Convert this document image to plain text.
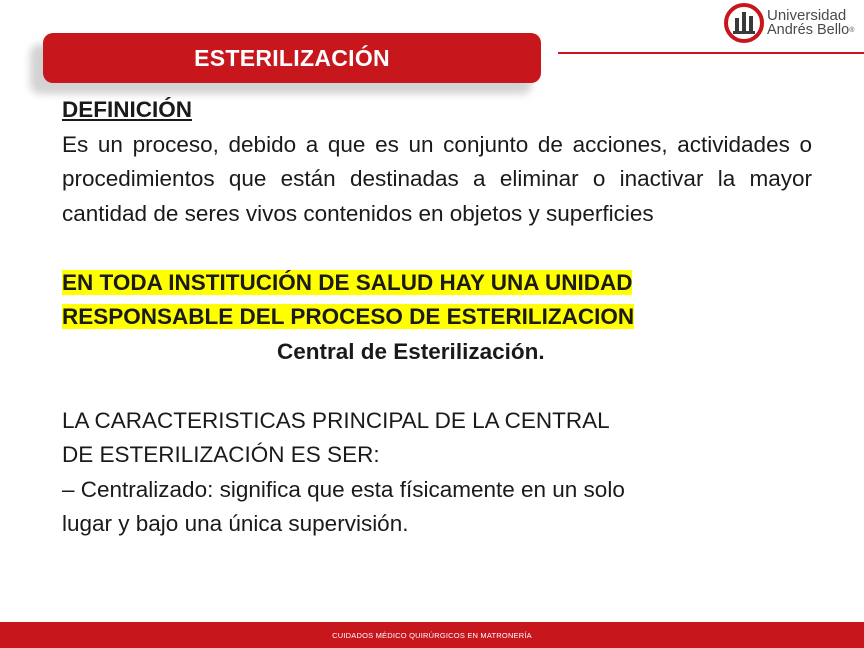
ESTERILIZACIÓN
Universidad
Andrés Bello®
DEFINICIÓN
Es un proceso, debido a que es un conjunto de acciones, actividades o procedimientos que están destinadas a eliminar o inactivar la mayor cantidad de seres vivos contenidos en objetos y superficies
EN TODA INSTITUCIÓN DE SALUD HAY UNA UNIDAD
RESPONSABLE DEL PROCESO DE ESTERILIZACION
Central de Esterilización.
LA CARACTERISTICAS PRINCIPAL DE LA CENTRAL
DE ESTERILIZACIÓN ES SER:
– Centralizado: significa que esta físicamente en un solo
lugar y bajo una única supervisión.
CUIDADOS MÉDICO QUIRÚRGICOS EN MATRONERÍA
